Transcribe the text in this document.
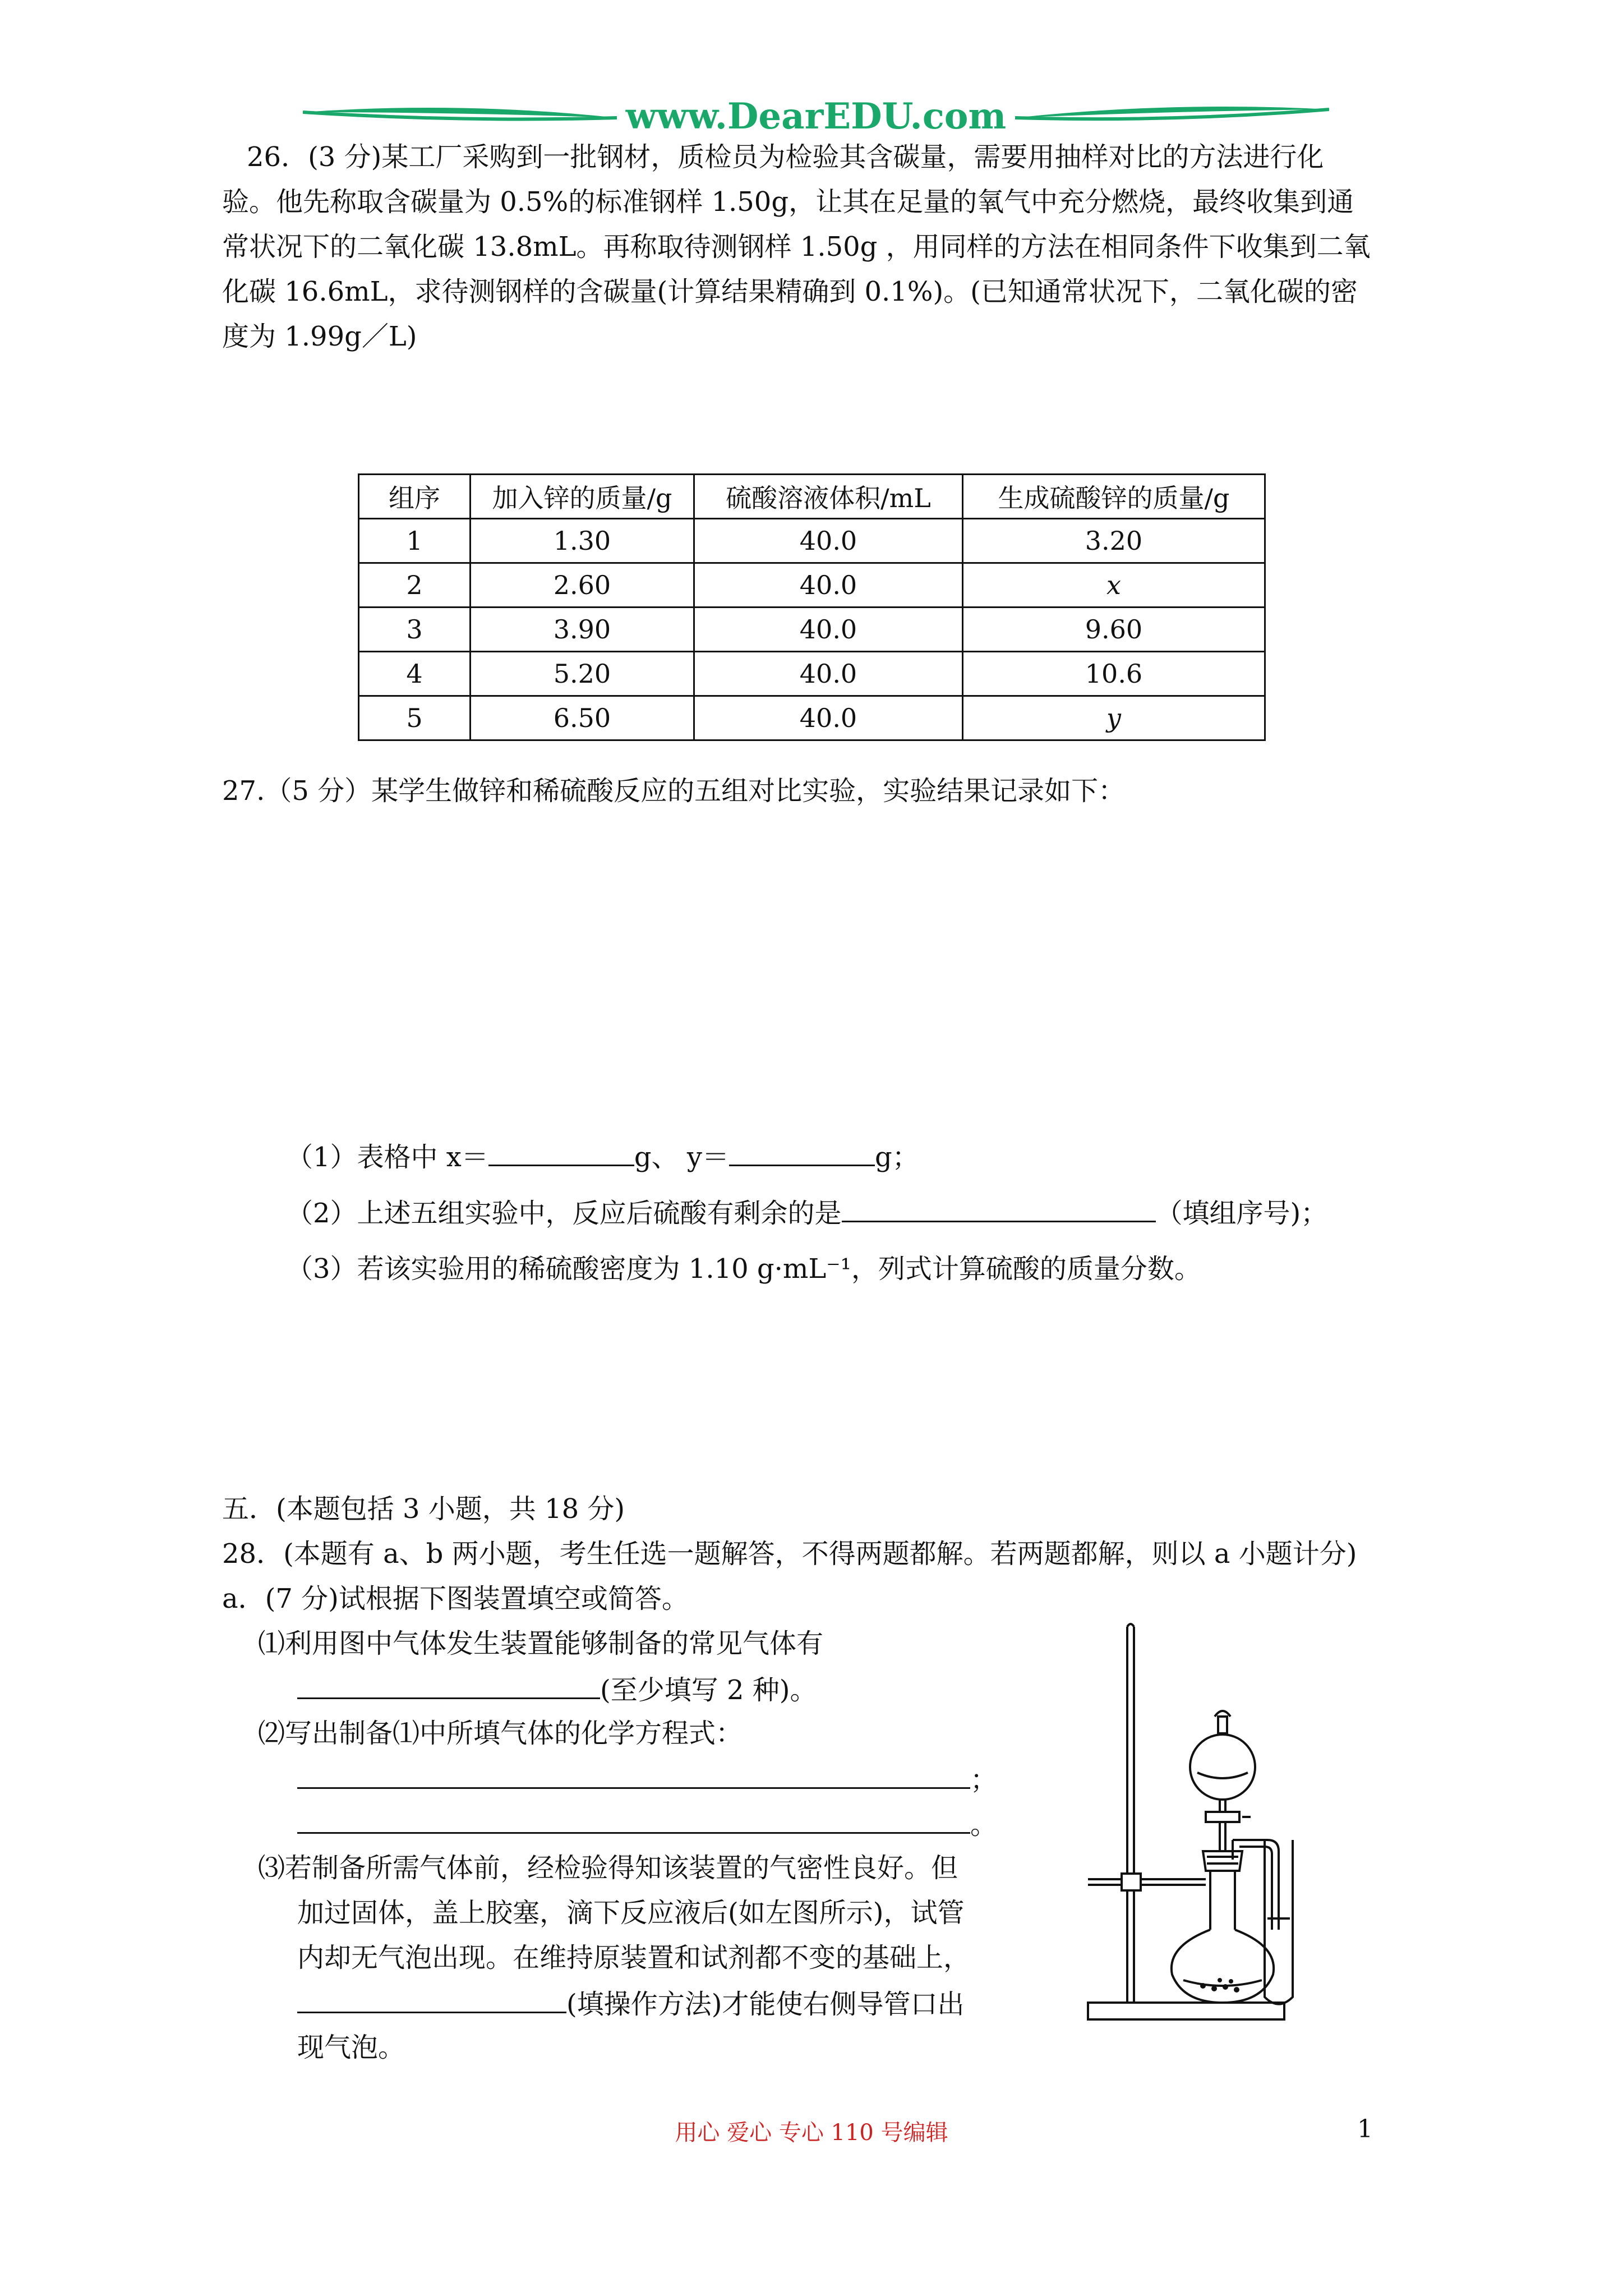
www.DearEDU.com
26．(3 分)某工厂采购到一批钢材，质检员为检验其含碳量，需要用抽样对比的方法进行化
验。他先称取含碳量为 0.5%的标准钢样 1.50g，让其在足量的氧气中充分燃烧，最终收集到通
常状况下的二氧化碳 13.8mL。再称取待测钢样 1.50g ，用同样的方法在相同条件下收集到二氧
化碳 16.6mL，求待测钢样的含碳量(计算结果精确到 0.1%)。(已知通常状况下，二氧化碳的密
度为 1.99g／L)
组序	加入锌的质量/g	硫酸溶液体积/mL	生成硫酸锌的质量/g
1	1.30	40.0	3.20
2	2.60	40.0	x
3	3.90	40.0	9.60
4	5.20	40.0	10.6
5	6.50	40.0	y
27.（5 分）某学生做锌和稀硫酸反应的五组对比实验，实验结果记录如下：
（1）表格中 x＝	g、 y＝	g；
（2）上述五组实验中，反应后硫酸有剩余的是	（填组序号)；
（3）若该实验用的稀硫酸密度为 1.10 g·mL⁻¹，列式计算硫酸的质量分数。
五．(本题包括 3 小题，共 18 分)
28．(本题有 a、b 两小题，考生任选一题解答，不得两题都解。若两题都解，则以 a 小题计分)
a．(7 分)试根据下图装置填空或简答。
⑴利用图中气体发生装置能够制备的常见气体有
(至少填写 2 种)。
⑵写出制备⑴中所填气体的化学方程式：
；
。
⑶若制备所需气体前，经检验得知该装置的气密性良好。但
加过固体，盖上胶塞，滴下反应液后(如左图所示)，试管
内却无气泡出现。在维持原装置和试剂都不变的基础上，
(填操作方法)才能使右侧导管口出
现气泡。
用心 爱心 专心 110 号编辑	1
